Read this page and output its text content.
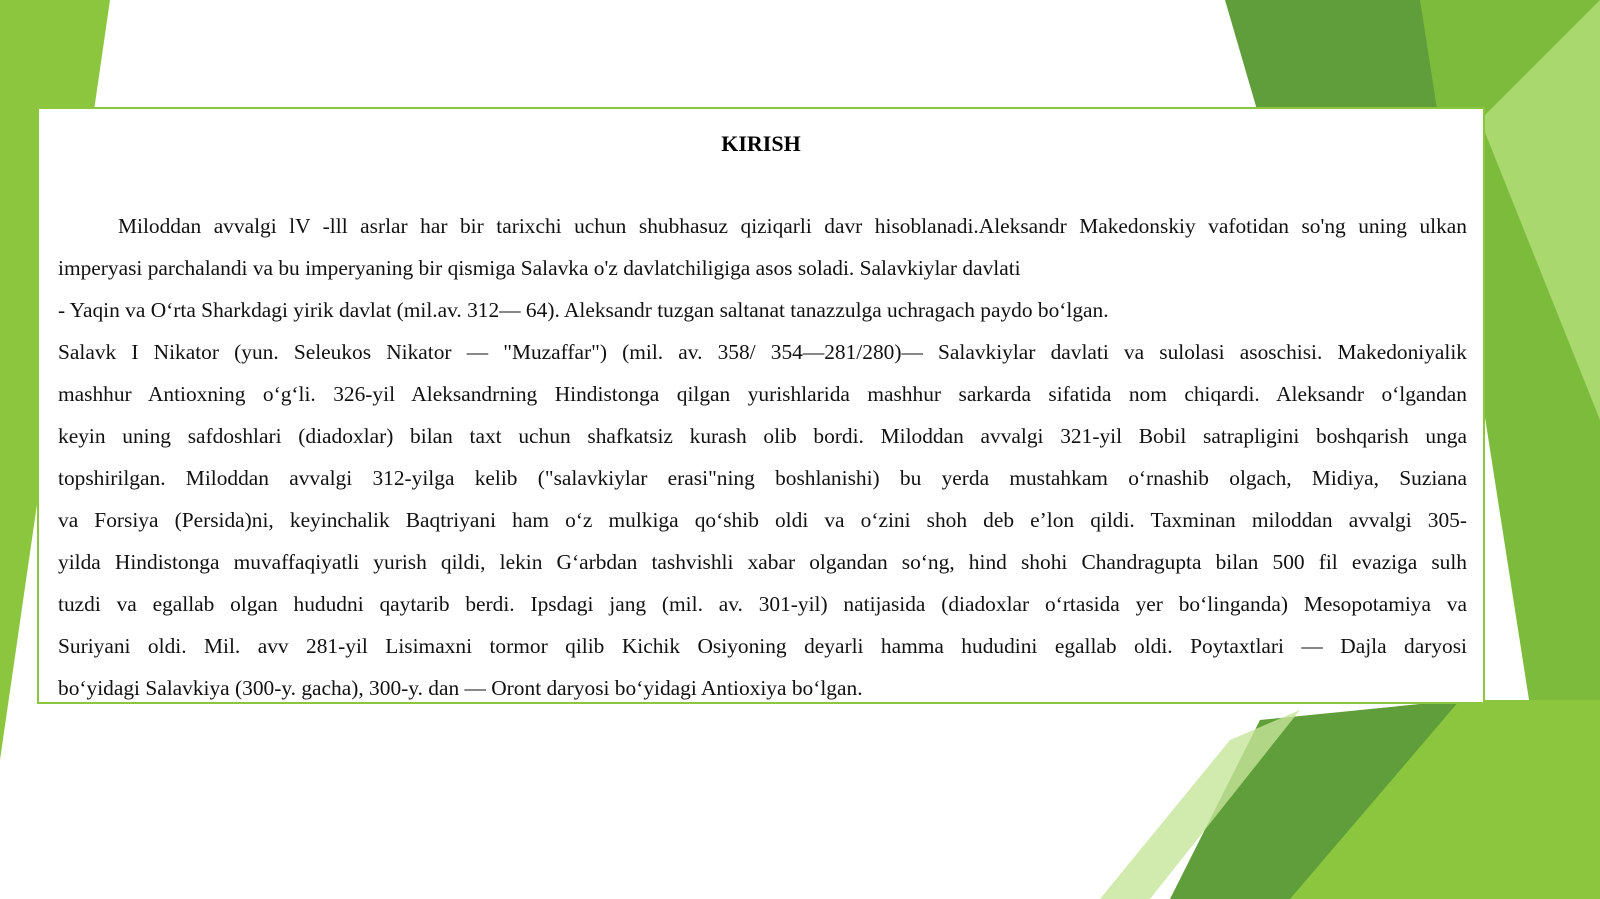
KIRISH
Miloddan avvalgi lV -lll asrlar har bir tarixchi uchun shubhasuz qiziqarli davr hisoblanadi.Aleksandr Makedonskiy vafotidan so'ng uning ulkan
imperyasi parchalandi va bu imperyaning bir qismiga Salavka o'z davlatchiligiga asos soladi. Salavkiylar davlati
- Yaqin va O‘rta Sharkdagi yirik davlat (mil.av. 312— 64). Aleksandr tuzgan saltanat tanazzulga uchragach paydo bo‘lgan.
Salavk I Nikator (yun. Seleukos Nikator — "Muzaffar") (mil. av. 358/ 354—281/280)— Salavkiylar davlati va sulolasi asoschisi. Makedoniyalik
mashhur Antioxning o‘g‘li. 326-yil Aleksandrning Hindistonga qilgan yurishlarida mashhur sarkarda sifatida nom chiqardi. Aleksandr o‘lgandan
keyin uning safdoshlari (diadoxlar) bilan taxt uchun shafkatsiz kurash olib bordi. Miloddan avvalgi 321-yil Bobil satrapligini boshqarish unga
topshirilgan. Miloddan avvalgi 312-yilga kelib ("salavkiylar erasi"ning boshlanishi) bu yerda mustahkam o‘rnashib olgach, Midiya, Suziana
va Forsiya (Persida)ni, keyinchalik Baqtriyani ham o‘z mulkiga qo‘shib oldi va o‘zini shoh deb e’lon qildi. Taxminan miloddan avvalgi 305-
yilda Hindistonga muvaffaqiyatli yurish qildi, lekin G‘arbdan tashvishli xabar olgandan so‘ng, hind shohi Chandragupta bilan 500 fil evaziga sulh
tuzdi va egallab olgan hududni qaytarib berdi. Ipsdagi jang (mil. av. 301-yil) natijasida (diadoxlar o‘rtasida yer bo‘linganda) Mesopotamiya va
Suriyani oldi. Mil. avv 281-yil Lisimaxni tormor qilib Kichik Osiyoning deyarli hamma hududini egallab oldi. Poytaxtlari — Dajla daryosi
bo‘yidagi Salavkiya (300-y. gacha), 300-y. dan — Oront daryosi bo‘yidagi Antioxiya bo‘lgan.
